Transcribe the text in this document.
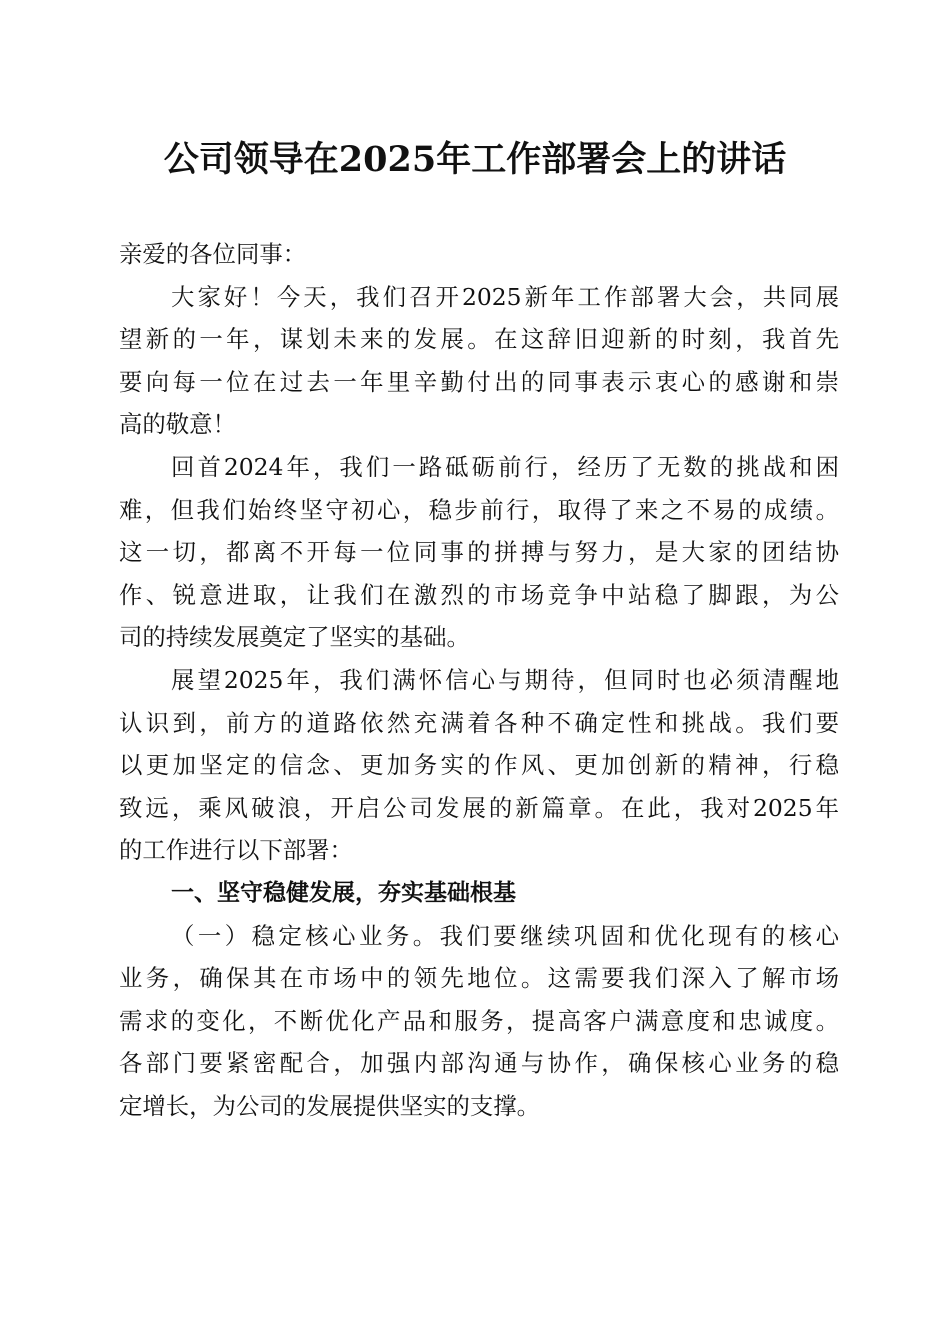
公司领导在2025年工作部署会上的讲话
亲爱的各位同事：
大家好！今天，我们召开2025新年工作部署大会，共同展
望新的一年，谋划未来的发展。在这辞旧迎新的时刻，我首先
要向每一位在过去一年里辛勤付出的同事表示衷心的感谢和崇
高的敬意！
回首2024年，我们一路砥砺前行，经历了无数的挑战和困
难，但我们始终坚守初心，稳步前行，取得了来之不易的成绩。
这一切，都离不开每一位同事的拼搏与努力，是大家的团结协
作、锐意进取，让我们在激烈的市场竞争中站稳了脚跟，为公
司的持续发展奠定了坚实的基础。
展望2025年，我们满怀信心与期待，但同时也必须清醒地
认识到，前方的道路依然充满着各种不确定性和挑战。我们要
以更加坚定的信念、更加务实的作风、更加创新的精神，行稳
致远，乘风破浪，开启公司发展的新篇章。在此，我对2025年
的工作进行以下部署：
一、坚守稳健发展，夯实基础根基
（一）稳定核心业务。我们要继续巩固和优化现有的核心
业务，确保其在市场中的领先地位。这需要我们深入了解市场
需求的变化，不断优化产品和服务，提高客户满意度和忠诚度。
各部门要紧密配合，加强内部沟通与协作，确保核心业务的稳
定增长，为公司的发展提供坚实的支撑。
